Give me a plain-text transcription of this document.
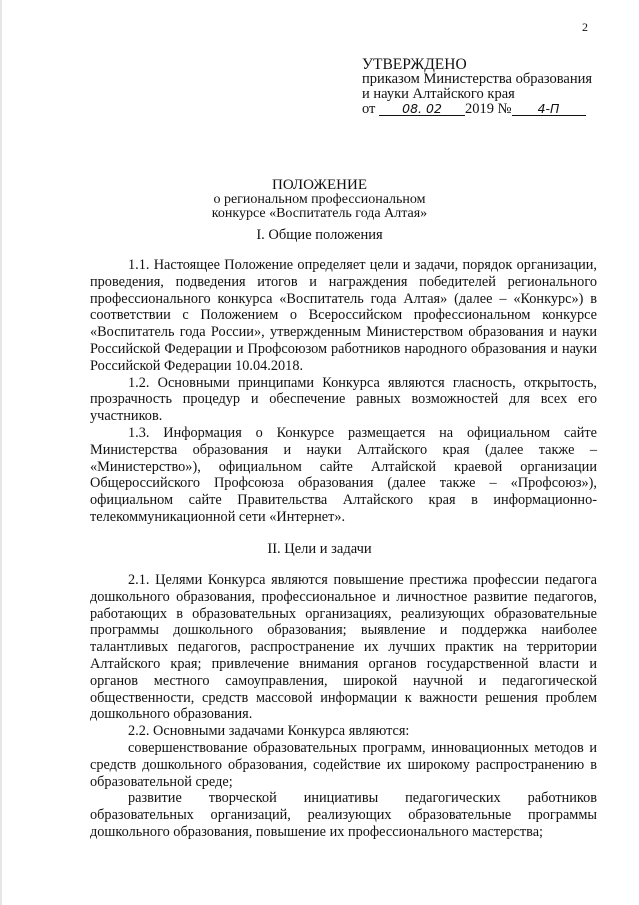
2
УТВЕРЖДЕНО
приказом Министерства образования
и науки Алтайского края
от 08. 02 2019 № 4-П
ПОЛОЖЕНИЕ
о региональном профессиональном
конкурсе «Воспитатель года Алтая»
I. Общие положения

1.1. Настоящее Положение определяет цели и задачи, порядок организации, проведения, подведения итогов и награждения победителей регионального профессионального конкурса «Воспитатель года Алтая» (далее – «Конкурс») в соответствии с Положением о Всероссийском профессиональном конкурсе «Воспитатель года России», утвержденным Министерством образования и науки Российской Федерации и Профсоюзом работников народного образования и науки Российской Федерации 10.04.2018.

1.2. Основными принципами Конкурса являются гласность, открытость, прозрачность процедур и обеспечение равных возможностей для всех его участников.

1.3. Информация о Конкурсе размещается на официальном сайте Министерства образования и науки Алтайского края (далее также – «Министерство»), официальном сайте Алтайской краевой организации Общероссийского Профсоюза образования (далее также – «Профсоюз»), официальном сайте Правительства Алтайского края в информационно-телекоммуникационной сети «Интернет».

II. Цели и задачи

2.1. Целями Конкурса являются повышение престижа профессии педагога дошкольного образования, профессиональное и личностное развитие педагогов, работающих в образовательных организациях, реализующих образовательные программы дошкольного образования; выявление и поддержка наиболее талантливых педагогов, распространение их лучших практик на территории Алтайского края; привлечение внимания органов государственной власти и органов местного самоуправления, широкой научной и педагогической общественности, средств массовой информации к важности решения проблем дошкольного образования.

2.2. Основными задачами Конкурса являются:

совершенствование образовательных программ, инновационных методов и средств дошкольного образования, содействие их широкому распространению в образовательной среде;

развитие творческой инициативы педагогических работников образовательных организаций, реализующих образовательные программы дошкольного образования, повышение их профессионального мастерства;
